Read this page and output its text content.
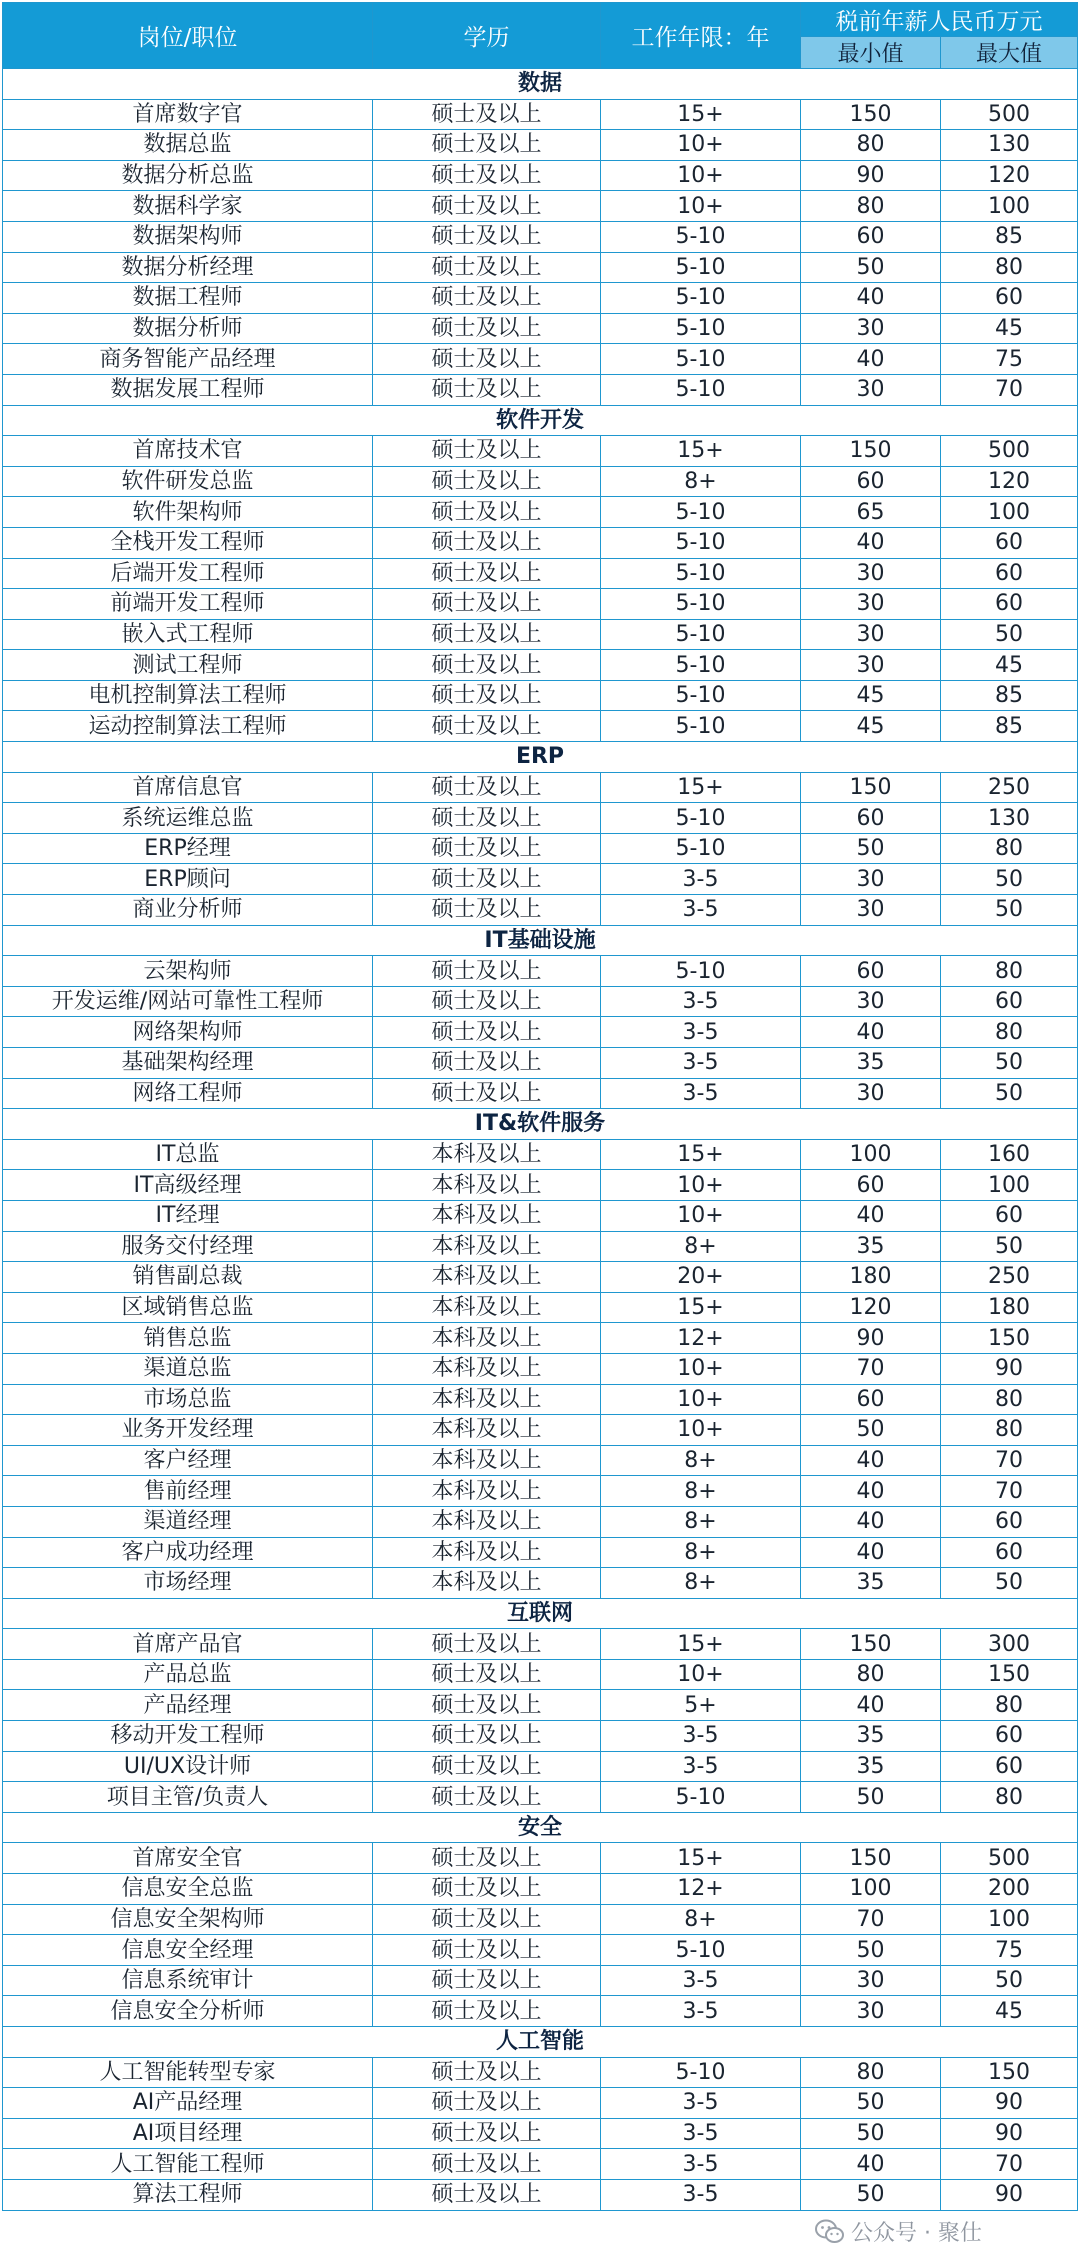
岗位/职位	学历	工作年限：年	税前年薪人民币万元	
			最小值	最大值
数据				
首席数字官	硕士及以上	15+	150	500
数据总监	硕士及以上	10+	80	130
数据分析总监	硕士及以上	10+	90	120
数据科学家	硕士及以上	10+	80	100
数据架构师	硕士及以上	5-10	60	85
数据分析经理	硕士及以上	5-10	50	80
数据工程师	硕士及以上	5-10	40	60
数据分析师	硕士及以上	5-10	30	45
商务智能产品经理	硕士及以上	5-10	40	75
数据发展工程师	硕士及以上	5-10	30	70
软件开发				
首席技术官	硕士及以上	15+	150	500
软件研发总监	硕士及以上	8+	60	120
软件架构师	硕士及以上	5-10	65	100
全栈开发工程师	硕士及以上	5-10	40	60
后端开发工程师	硕士及以上	5-10	30	60
前端开发工程师	硕士及以上	5-10	30	60
嵌入式工程师	硕士及以上	5-10	30	50
测试工程师	硕士及以上	5-10	30	45
电机控制算法工程师	硕士及以上	5-10	45	85
运动控制算法工程师	硕士及以上	5-10	45	85
ERP				
首席信息官	硕士及以上	15+	150	250
系统运维总监	硕士及以上	5-10	60	130
ERP经理	硕士及以上	5-10	50	80
ERP顾问	硕士及以上	3-5	30	50
商业分析师	硕士及以上	3-5	30	50
IT基础设施				
云架构师	硕士及以上	5-10	60	80
开发运维/网站可靠性工程师	硕士及以上	3-5	30	60
网络架构师	硕士及以上	3-5	40	80
基础架构经理	硕士及以上	3-5	35	50
网络工程师	硕士及以上	3-5	30	50
IT&软件服务				
IT总监	本科及以上	15+	100	160
IT高级经理	本科及以上	10+	60	100
IT经理	本科及以上	10+	40	60
服务交付经理	本科及以上	8+	35	50
销售副总裁	本科及以上	20+	180	250
区域销售总监	本科及以上	15+	120	180
销售总监	本科及以上	12+	90	150
渠道总监	本科及以上	10+	70	90
市场总监	本科及以上	10+	60	80
业务开发经理	本科及以上	10+	50	80
客户经理	本科及以上	8+	40	70
售前经理	本科及以上	8+	40	70
渠道经理	本科及以上	8+	40	60
客户成功经理	本科及以上	8+	40	60
市场经理	本科及以上	8+	35	50
互联网				
首席产品官	硕士及以上	15+	150	300
产品总监	硕士及以上	10+	80	150
产品经理	硕士及以上	5+	40	80
移动开发工程师	硕士及以上	3-5	35	60
UI/UX设计师	硕士及以上	3-5	35	60
项目主管/负责人	硕士及以上	5-10	50	80
安全				
首席安全官	硕士及以上	15+	150	500
信息安全总监	硕士及以上	12+	100	200
信息安全架构师	硕士及以上	8+	70	100
信息安全经理	硕士及以上	5-10	50	75
信息系统审计	硕士及以上	3-5	30	50
信息安全分析师	硕士及以上	3-5	30	45
人工智能				
人工智能转型专家	硕士及以上	5-10	80	150
AI产品经理	硕士及以上	3-5	50	90
AI项目经理	硕士及以上	3-5	50	90
人工智能工程师	硕士及以上	3-5	40	70
算法工程师	硕士及以上	3-5	50	90
公众号 · 聚仕
